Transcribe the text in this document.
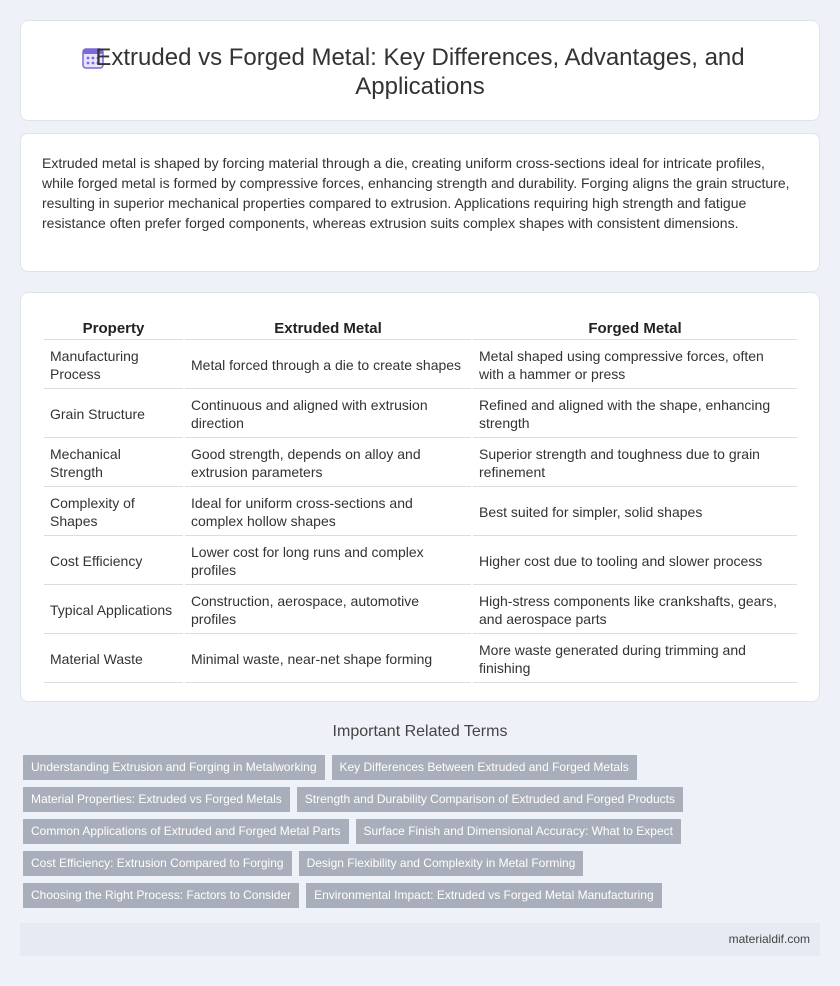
Extruded vs Forged Metal: Key Differences, Advantages, and Applications

Extruded metal is shaped by forcing material through a die, creating uniform cross-sections ideal for intricate profiles, while forged metal is formed by compressive forces, enhancing strength and durability. Forging aligns the grain structure, resulting in superior mechanical properties compared to extrusion. Applications requiring high strength and fatigue resistance often prefer forged components, whereas extrusion suits complex shapes with consistent dimensions.

Property	Extruded Metal	Forged Metal
Manufacturing Process	Metal forced through a die to create shapes	Metal shaped using compressive forces, often with a hammer or press
Grain Structure	Continuous and aligned with extrusion direction	Refined and aligned with the shape, enhancing strength
Mechanical Strength	Good strength, depends on alloy and extrusion parameters	Superior strength and toughness due to grain refinement
Complexity of Shapes	Ideal for uniform cross-sections and complex hollow shapes	Best suited for simpler, solid shapes
Cost Efficiency	Lower cost for long runs and complex profiles	Higher cost due to tooling and slower process
Typical Applications	Construction, aerospace, automotive profiles	High-stress components like crankshafts, gears, and aerospace parts
Material Waste	Minimal waste, near-net shape forming	More waste generated during trimming and finishing
Important Related Terms
Understanding Extrusion and Forging in Metalworking	Key Differences Between Extruded and Forged Metals
Material Properties: Extruded vs Forged Metals	Strength and Durability Comparison of Extruded and Forged Products
Common Applications of Extruded and Forged Metal Parts	Surface Finish and Dimensional Accuracy: What to Expect
Cost Efficiency: Extrusion Compared to Forging	Design Flexibility and Complexity in Metal Forming
Choosing the Right Process: Factors to Consider	Environmental Impact: Extruded vs Forged Metal Manufacturing
materialdif.com
